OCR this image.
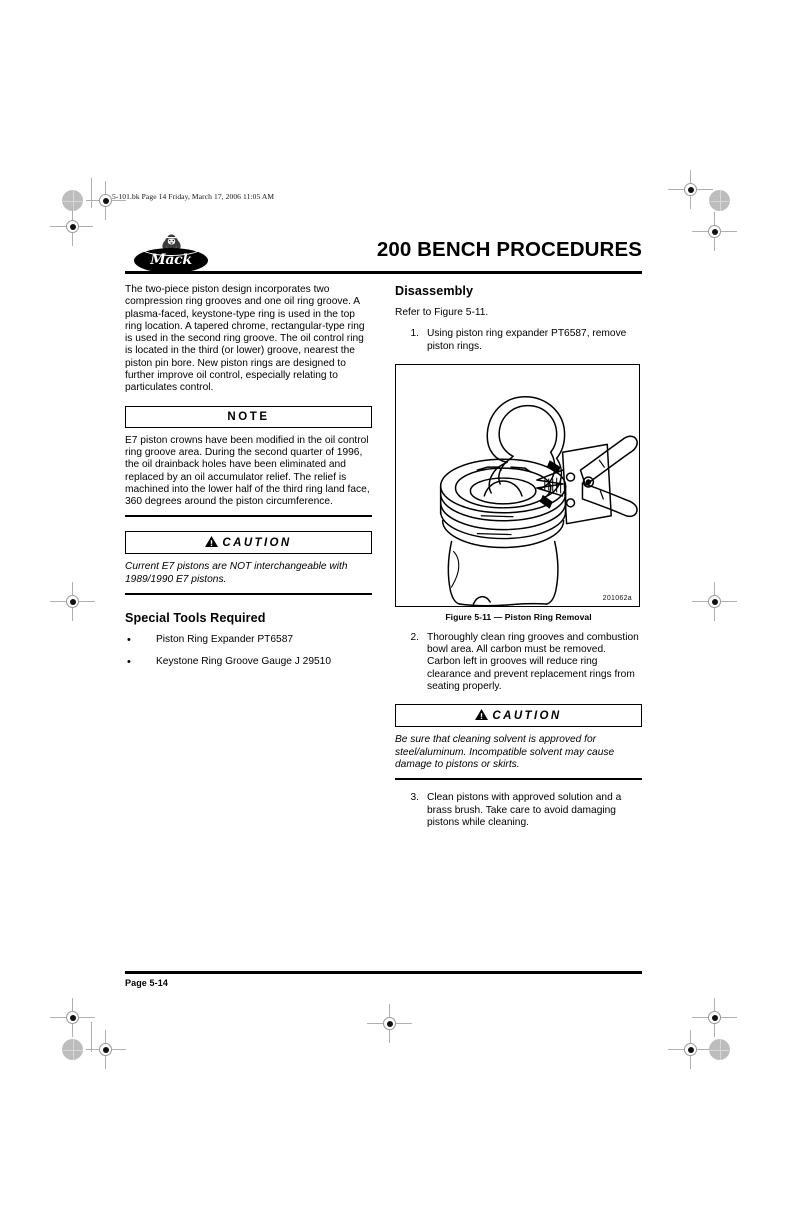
5-101.bk Page 14 Friday, March 17, 2006 11:05 AM
Mack	200 BENCH PROCEDURES

The two-piece piston design incorporates two compression ring grooves and one oil ring groove. A plasma-faced, keystone-type ring is used in the top ring location. A tapered chrome, rectangular-type ring is used in the second ring groove. The oil control ring is located in the third (or lower) groove, nearest the piston pin bore. New piston rings are designed to further improve oil control, especially relating to particulates control.

NOTE

E7 piston crowns have been modified in the oil control ring groove area. During the second quarter of 1996, the oil drainback holes have been eliminated and replaced by an oil accumulator relief. The relief is machined into the lower half of the third ring land face, 360 degrees around the piston circumference.

CAUTION

Current E7 pistons are NOT interchangeable with 1989/1990 E7 pistons.

Special Tools Required
• Piston Ring Expander PT6587
• Keystone Ring Groove Gauge J 29510
Disassembly

Refer to Figure 5-11.

1. Using piston ring expander PT6587, remove piston rings.
201062a
Figure 5-11 — Piston Ring Removal
2. Thoroughly clean ring grooves and combustion bowl area. All carbon must be removed. Carbon left in grooves will reduce ring clearance and prevent replacement rings from seating properly.
CAUTION

Be sure that cleaning solvent is approved for steel/aluminum. Incompatible solvent may cause damage to pistons or skirts.

3. Clean pistons with approved solution and a brass brush. Take care to avoid damaging pistons while cleaning.
Page 5-14
